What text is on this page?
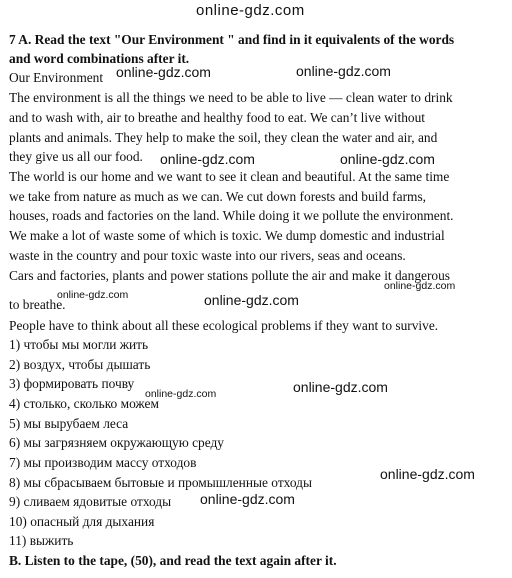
online-gdz.com
7 A. Read the text "Our Environment " and find in it equivalents of the words
and word combinations after it.
Our Environment
The environment is all the things we need to be able to live — clean water to drink
and to wash with, air to breathe and healthy food to eat. We can’t live without
plants and animals. They help to make the soil, they clean the water and air, and
they give us all our food.
The world is our home and we want to see it clean and beautiful. At the same time
we take from nature as much as we can. We cut down forests and build farms,
houses, roads and factories on the land. While doing it we pollute the environment.
We make a lot of waste some of which is toxic. We dump domestic and industrial
waste in the country and pour toxic waste into our rivers, seas and oceans.
Cars and factories, plants and power stations pollute the air and make it dangerous
to breathe.
People have to think about all these ecological problems if they want to survive.
1) чтобы мы могли жить
2) воздух, чтобы дышать
3) формировать почву
4) столько, сколько можем
5) мы вырубаем леса
6) мы загрязняем окружающую среду
7) мы производим массу отходов
8) мы сбрасываем бытовые и промышленные отходы
9) сливаем ядовитые отходы
10) опасный для дыхания
11) выжить
B. Listen to the tape, (50), and read the text again after it.
online-gdz.com	online-gdz.com
online-gdz.com	online-gdz.com
online-gdz.com
online-gdz.com	online-gdz.com
online-gdz.com
online-gdz.com
online-gdz.com
online-gdz.com
